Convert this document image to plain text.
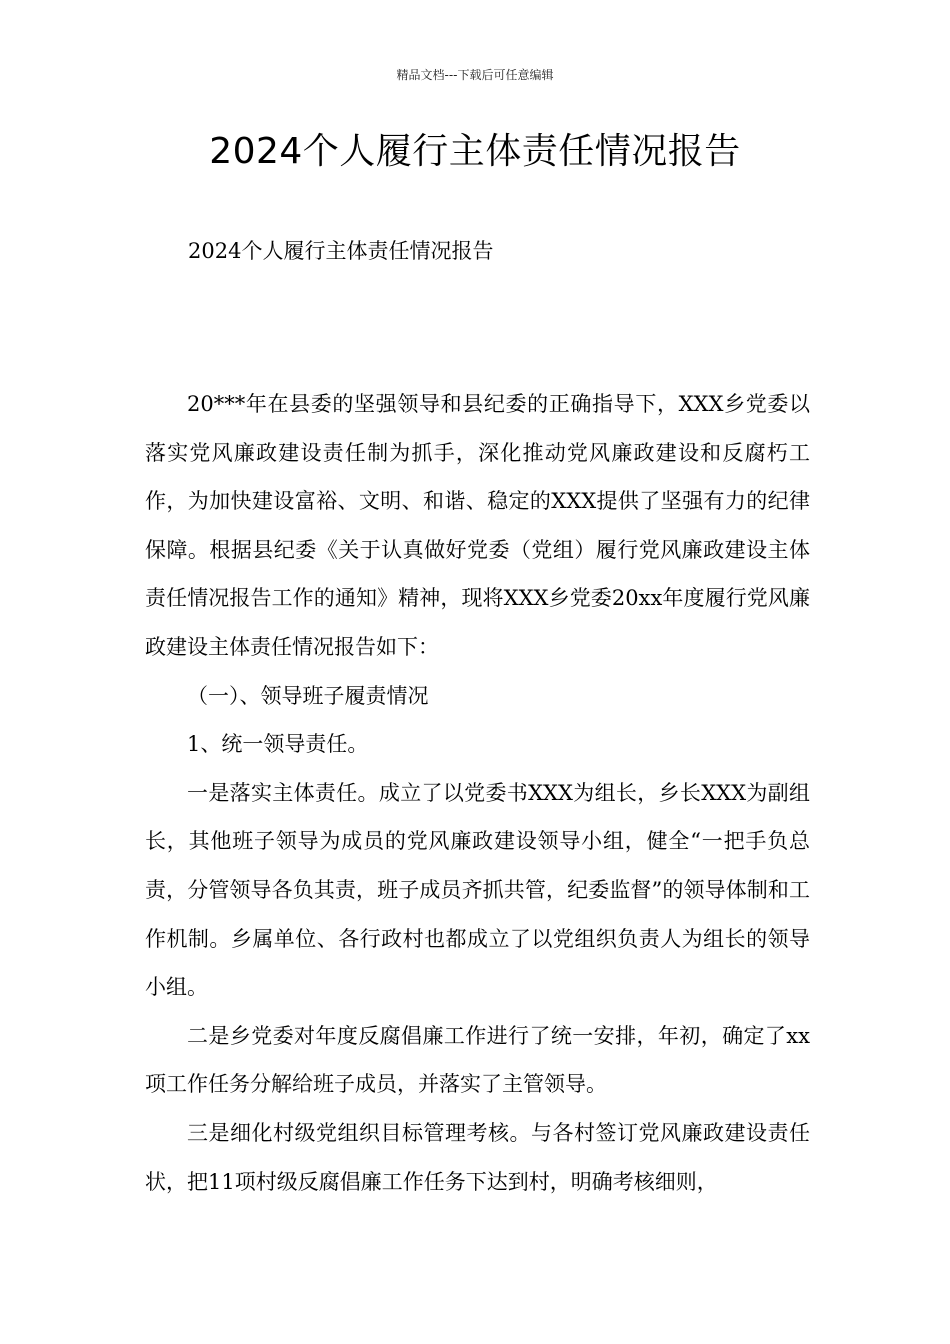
精品文档---下载后可任意编辑
2024个人履行主体责任情况报告
2024个人履行主体责任情况报告

20***年在县委的坚强领导和县纪委的正确指导下，XXX乡党委以落实党风廉政建设责任制为抓手，深化推动党风廉政建设和反腐朽工作，为加快建设富裕、文明、和谐、稳定的XXX提供了坚强有力的纪律保障。根据县纪委《关于认真做好党委（党组）履行党风廉政建设主体责任情况报告工作的通知》精神，现将XXX乡党委20xx年度履行党风廉政建设主体责任情况报告如下：

（一）、领导班子履责情况

1、统一领导责任。

一是落实主体责任。成立了以党委书XXX为组长，乡长XXX为副组长，其他班子领导为成员的党风廉政建设领导小组，健全“一把手负总责，分管领导各负其责，班子成员齐抓共管，纪委监督”的领导体制和工作机制。乡属单位、各行政村也都成立了以党组织负责人为组长的领导小组。

二是乡党委对年度反腐倡廉工作进行了统一安排，年初，确定了xx项工作任务分解给班子成员，并落实了主管领导。

三是细化村级党组织目标管理考核。与各村签订党风廉政建设责任状，把11项村级反腐倡廉工作任务下达到村，明确考核细则，
